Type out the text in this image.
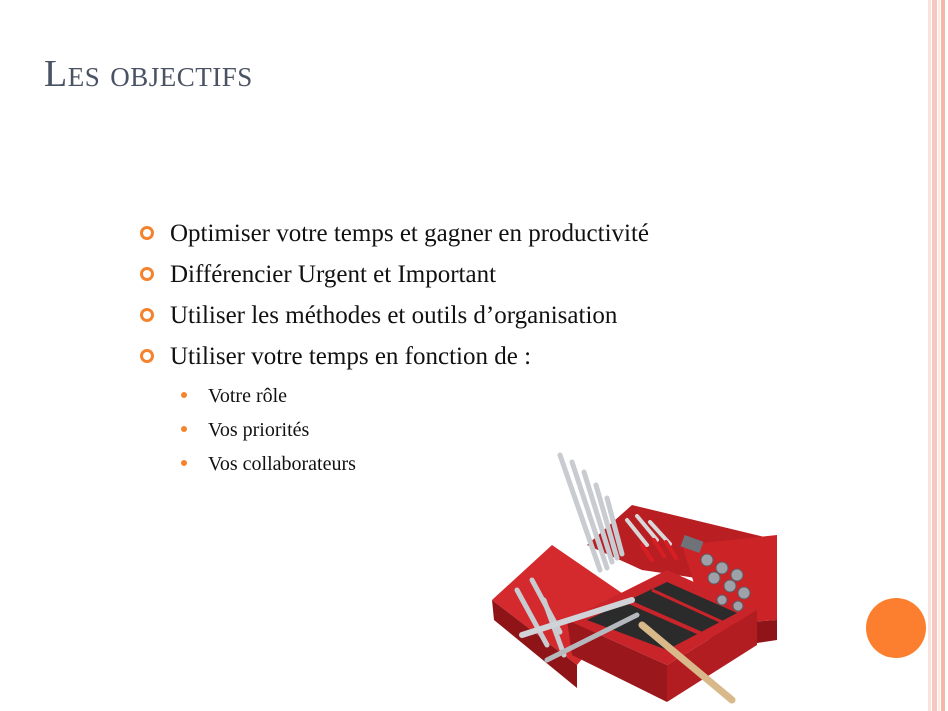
Les objectifs
Optimiser votre temps et gagner en productivité
Différencier Urgent et Important
Utiliser les méthodes et outils d’organisation
Utiliser votre temps en fonction de :
Votre rôle
Vos priorités
Vos collaborateurs
